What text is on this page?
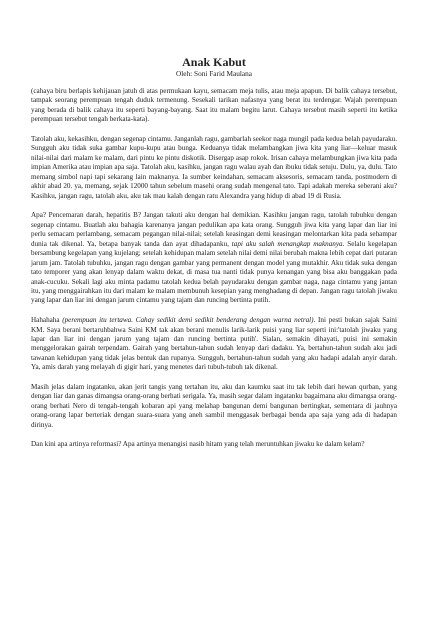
Anak Kabut

Oleh: Soni Farid Maulana

(cahaya biru berlapis kehijauan jatuh di atas permukaan kayu, semacam meja tulis, atau meja apapun. Di balik cahaya tersebut, tampak seorang perempuan tengah duduk termenung. Sesekali tarikan nafasnya yang berat itu terdengar. Wajah perempuan yang berada di balik cahaya itu seperti bayang-bayang. Saat itu malam begitu larut. Cahaya tersebut masih seperti itu ketika perempuan tersebut tengah berkata-kata).

Tatolah aku, kekasihku, dengan segenap cintamu. Janganlah ragu, gambarlah seekor naga mungil pada kedua belah payudaraku. Sungguh aku tidak suka gambar kupu-kupu atau bunga. Keduanya tidak melambangkan jiwa kita yang liar—keluar masuk nilai-nilai dari malam ke malam, dari pintu ke pintu diskotik. Disergap asap rokok. Irisan cahaya melambungkan jiwa kita pada impian Amerika atau impian apa saja. Tatolah aku, kasihku, jangan ragu walau ayah dan ibuku tidak setuju. Dulu, ya, dulu. Tato memang simbol napi tapi sekarang lain maknanya. Ia sumber keindahan, semacam aksesoris, semacam tanda, postmodern di akhir abad 20. ya, memang, sejak 12000 tahun sebelum masehi orang sudah mengenal tato. Tapi adakah mereka seberani aku? Kasihku, jangan ragu, tatolah aku, aku tak mau kalah dengan ratu Alexandra yang hidup di abad 19 di Rusia.

Apa? Pencemaran darah, hepatitis B? Jangan takuti aku dengan hal demikian. Kasihku jangan ragu, tatolah tubuhku dengan segenap cintamu. Buatlah aku bahagia karenanya jangan pedulikan apa kata orang. Sungguh jiwa kita yang lapar dan liar ini perlu semacam perlambang, semacam pegangan nilai-nilai; setelah keasingan demi keasingan melontarkan kita pada sehampar dunia tak dikenal. Ya, betapa banyak tanda dan ayat dihadapanku, tapi aku salah menangkap maknanya. Selalu kegelapan bersambung kegelapan yang kujelang; setelah kehidupan malam setelah nilai demi nilai berubah makna lebih cepat dari putaran jarum jam. Tatolah tubuhku, jangan ragu dengan gambar yang permanent dengan model yang mutakhir. Aku tidak suka dengan tato temporer yang akan lenyap dalam waktu dekat, di masa tua nanti tidak punya kenangan yang bisa aku banggakan pada anak-cucuku. Sekali lagi aku minta padamu tatolah kedua belah payudaraku dengan gambar naga, naga cintamu yang jantan itu, yang menggairahkan itu dari malam ke malam membunuh kesepian yang menghadang di depan. Jangan ragu tatolah jiwaku yang lapar dan liar ini dengan jarum cintamu yang tajam dan runcing bertinta putih.

Hahahaha (perempuan itu tertawa. Cahay sedikit demi sedikit benderang dengan warna netral). Ini pesti bukan sajak Saini KM. Saya berani bertaruhbahwa Saini KM tak akan berani menulis larik-larik puisi yang liar seperti ini:'tatolah jiwaku yang lapar dan liar ini dengan jarum yang tajam dan runcing bertinta putih'. Sialan, semakin dihayati, puisi ini semakin menggelorakan gairah terpendam. Gairah yang bertahun-tahun sudah lenyap dari dadaku. Ya, bertahun-tahun sudah aku jadi tawanan kehidupan yang tidak jelas bentuk dan rupanya. Sungguh, bertahun-tahun sudah yang aku hadapi adalah anyir darah. Ya, amis darah yang melayah di gigir hari, yang menetes dari tubuh-tubuh tak dikenal.

Masih jelas dalam ingatanku, akan jerit tangis yang tertahan itu, aku dan kaumku saat itu tak lebih dari hewan qurban, yang dengan liar dan ganas dimangsa orang-orang berhati serigala. Ya, masih segar dalam ingatanku bagaimana aku dimangsa orang-orang berhati Nero di tengah-tengah kobaran api yang melahap bangunan demi bangunan bertingkat, sementara di jauhnya orang-orang lapar berteriak dengan suara-suara yang aneh sambil menggasak berbagai benda apa saja yang ada di hadapan dirinya.

Dan kini apa artinya reformasi? Apa artinya menangisi nasib hitam yang telah meruntuhkan jiwaku ke dalam kelam?
